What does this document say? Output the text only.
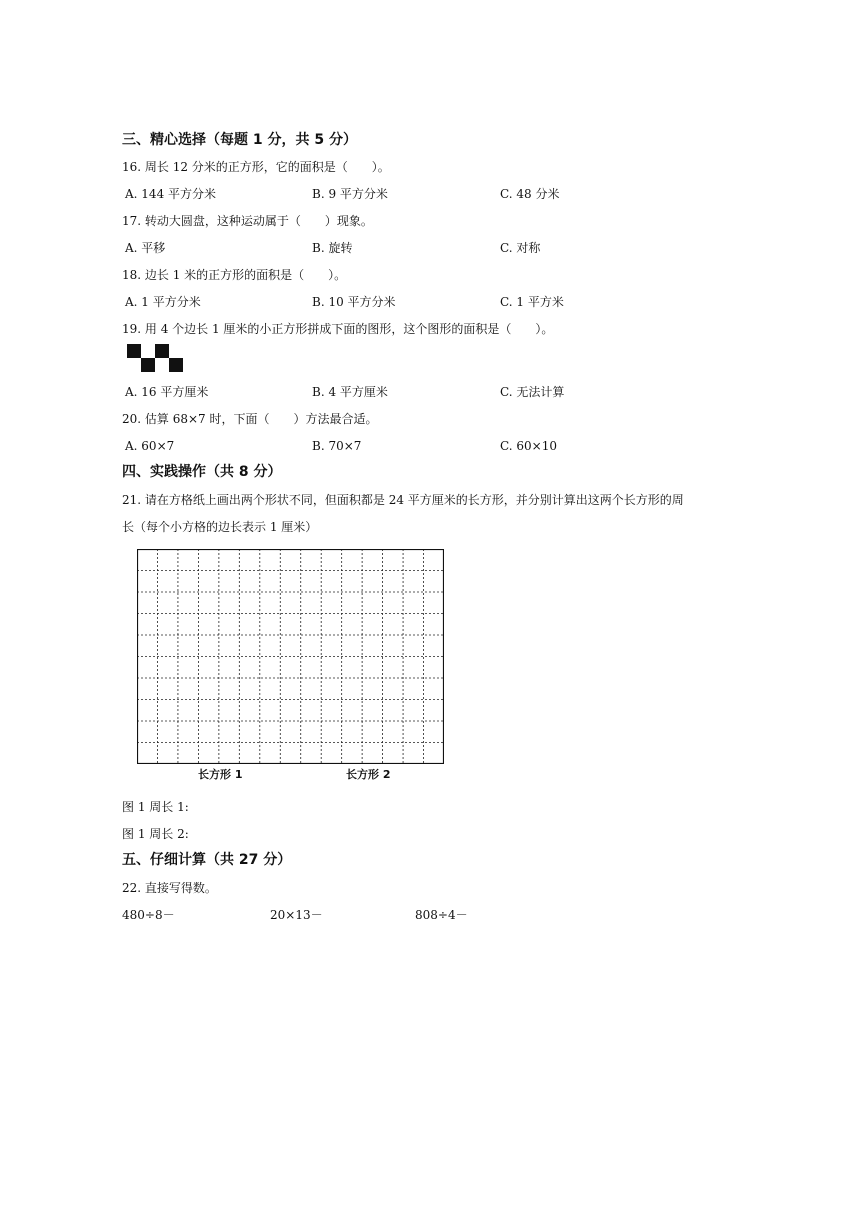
三、精心选择（每题 1 分，共 5 分）
16. 周长 12 分米的正方形，它的面积是（　　）。
A. 144 平方分米	B. 9 平方分米	C. 48 分米
17. 转动大圆盘，这种运动属于（　　）现象。
A. 平移	B. 旋转	C. 对称
18. 边长 1 米的正方形的面积是（　　）。
A. 1 平方分米	B. 10 平方分米	C. 1 平方米
19. 用 4 个边长 1 厘米的小正方形拼成下面的图形，这个图形的面积是（　　）。
A. 16 平方厘米	B. 4 平方厘米	C. 无法计算
20. 估算 68×7 时，下面（　　）方法最合适。
A. 60×7	B. 70×7	C. 60×10
四、实践操作（共 8 分）
21. 请在方格纸上画出两个形状不同，但面积都是 24 平方厘米的长方形，并分别计算出这两个长方形的周
长（每个小方格的边长表示 1 厘米）
长方形 1	长方形 2
图 1 周长 1:
图 1 周长 2:
五、仔细计算（共 27 分）
22. 直接写得数。
480÷8－	20×13－	808÷4－
